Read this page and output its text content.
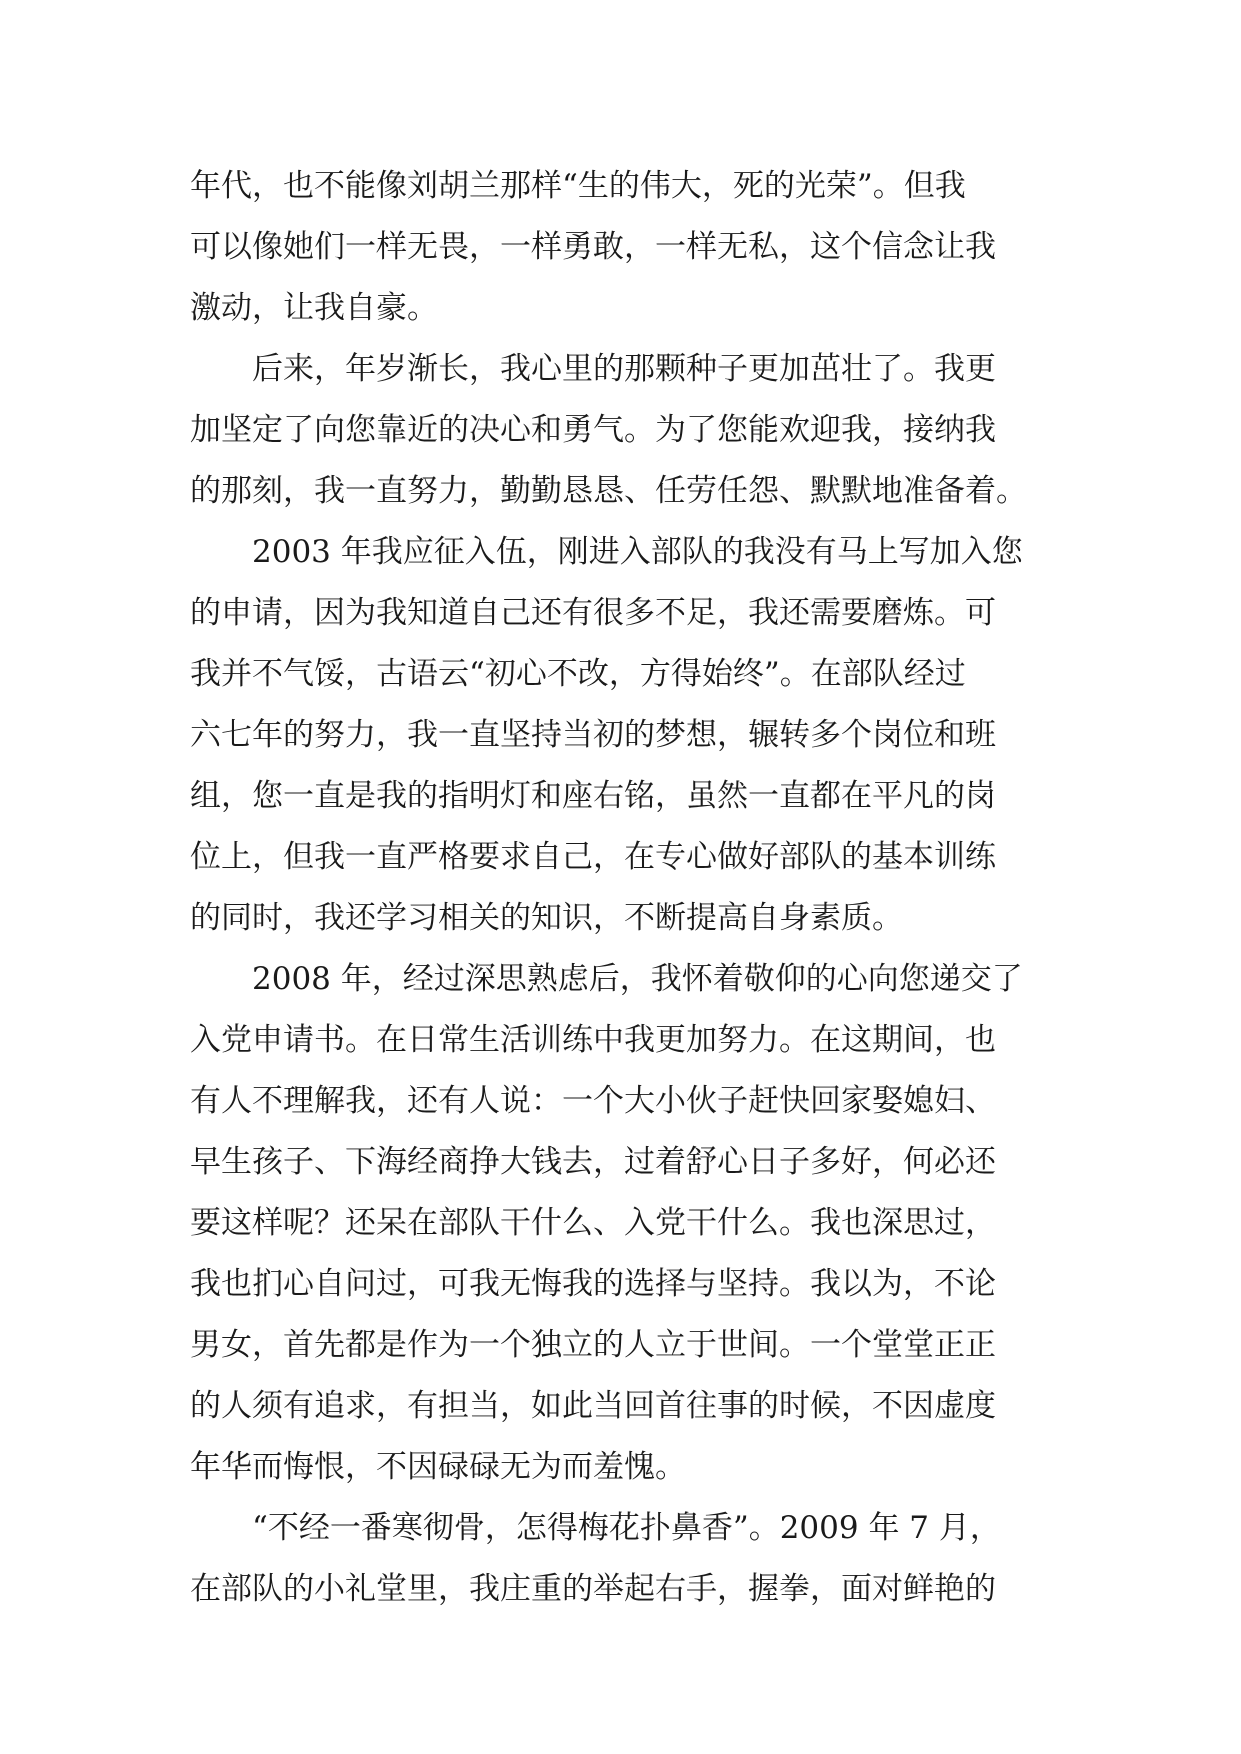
年代，也不能像刘胡兰那样“生的伟大，死的光荣”。但我
可以像她们一样无畏，一样勇敢，一样无私，这个信念让我
激动，让我自豪。
后来，年岁渐长，我心里的那颗种子更加茁壮了。我更
加坚定了向您靠近的决心和勇气。为了您能欢迎我，接纳我
的那刻，我一直努力，勤勤恳恳、任劳任怨、默默地准备着。
2003 年我应征入伍，刚进入部队的我没有马上写加入您
的申请，因为我知道自己还有很多不足，我还需要磨炼。可
我并不气馁，古语云“初心不改，方得始终”。在部队经过
六七年的努力，我一直坚持当初的梦想，辗转多个岗位和班
组，您一直是我的指明灯和座右铭，虽然一直都在平凡的岗
位上，但我一直严格要求自己，在专心做好部队的基本训练
的同时，我还学习相关的知识，不断提高自身素质。
2008 年，经过深思熟虑后，我怀着敬仰的心向您递交了
入党申请书。在日常生活训练中我更加努力。在这期间，也
有人不理解我，还有人说：一个大小伙子赶快回家娶媳妇、
早生孩子、下海经商挣大钱去，过着舒心日子多好，何必还
要这样呢？还呆在部队干什么、入党干什么。我也深思过，
我也扪心自问过，可我无悔我的选择与坚持。我以为，不论
男女，首先都是作为一个独立的人立于世间。一个堂堂正正
的人须有追求，有担当，如此当回首往事的时候，不因虚度
年华而悔恨，不因碌碌无为而羞愧。
“不经一番寒彻骨，怎得梅花扑鼻香”。2009 年 7 月，
在部队的小礼堂里，我庄重的举起右手，握拳，面对鲜艳的
